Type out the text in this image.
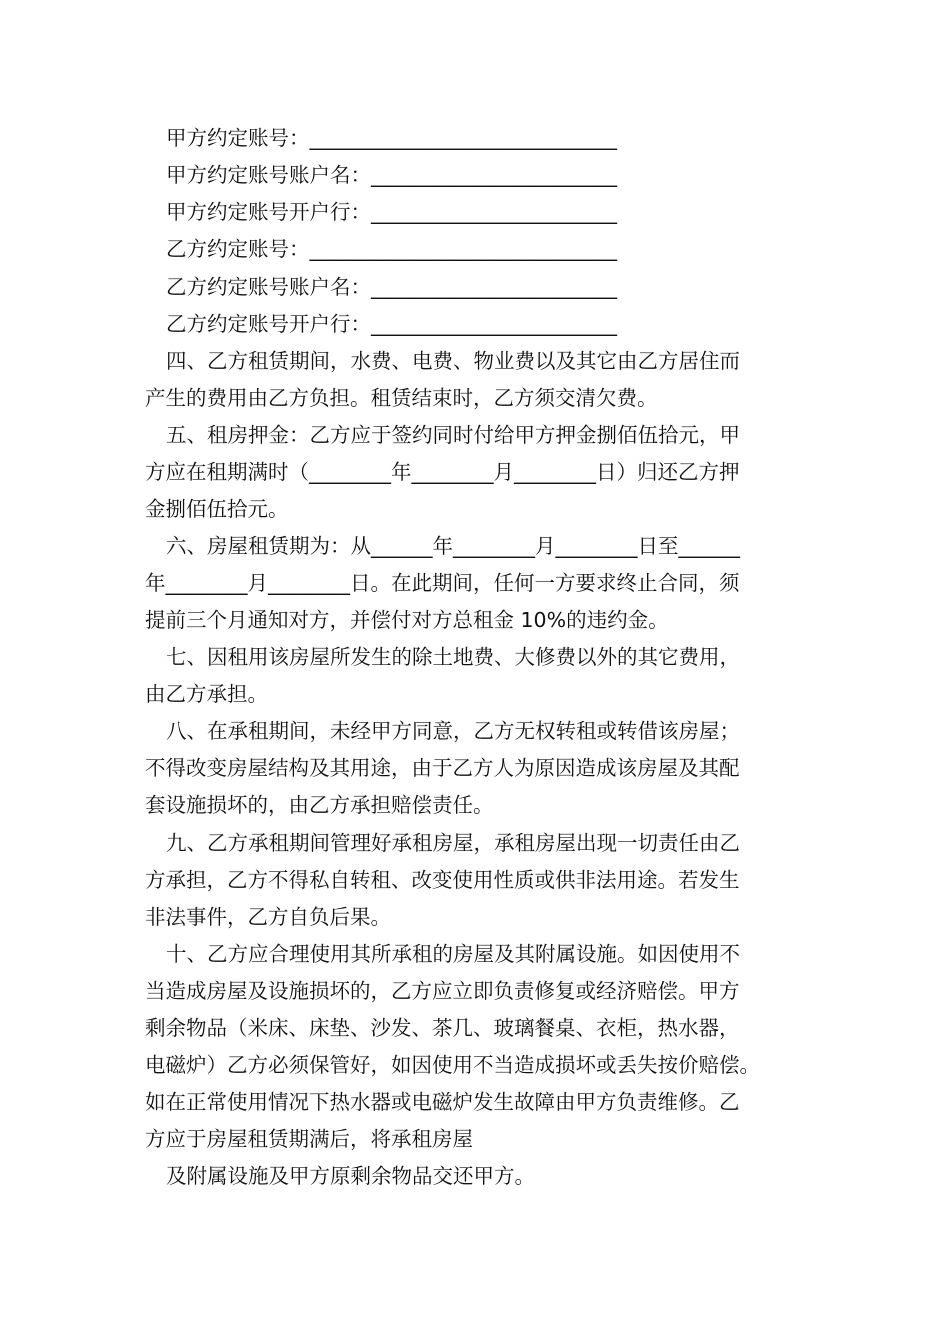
甲方约定账号：______________________________
甲方约定账号账户名：________________________
甲方约定账号开户行：________________________
乙方约定账号：______________________________
乙方约定账号账户名：________________________
乙方约定账号开户行：________________________
四、乙方租赁期间，水费、电费、物业费以及其它由乙方居住而
产生的费用由乙方负担。租赁结束时，乙方须交清欠费。
五、租房押金：乙方应于签约同时付给甲方押金捌佰伍拾元，甲
方应在租期满时（________年________月________日）归还乙方押
金捌佰伍拾元。
六、房屋租赁期为：从______年________月________日至______
年________月________日。在此期间，任何一方要求终止合同，须
提前三个月通知对方，并偿付对方总租金 10%的违约金。
七、因租用该房屋所发生的除土地费、大修费以外的其它费用，
由乙方承担。
八、在承租期间，未经甲方同意，乙方无权转租或转借该房屋；
不得改变房屋结构及其用途，由于乙方人为原因造成该房屋及其配
套设施损坏的，由乙方承担赔偿责任。
九、乙方承租期间管理好承租房屋，承租房屋出现一切责任由乙
方承担，乙方不得私自转租、改变使用性质或供非法用途。若发生
非法事件，乙方自负后果。
十、乙方应合理使用其所承租的房屋及其附属设施。如因使用不
当造成房屋及设施损坏的，乙方应立即负责修复或经济赔偿。甲方
剩余物品（米床、床垫、沙发、茶几、玻璃餐桌、衣柜，热水器，
电磁炉）乙方必须保管好，如因使用不当造成损坏或丢失按价赔偿。
如在正常使用情况下热水器或电磁炉发生故障由甲方负责维修。乙
方应于房屋租赁期满后，将承租房屋
及附属设施及甲方原剩余物品交还甲方。
